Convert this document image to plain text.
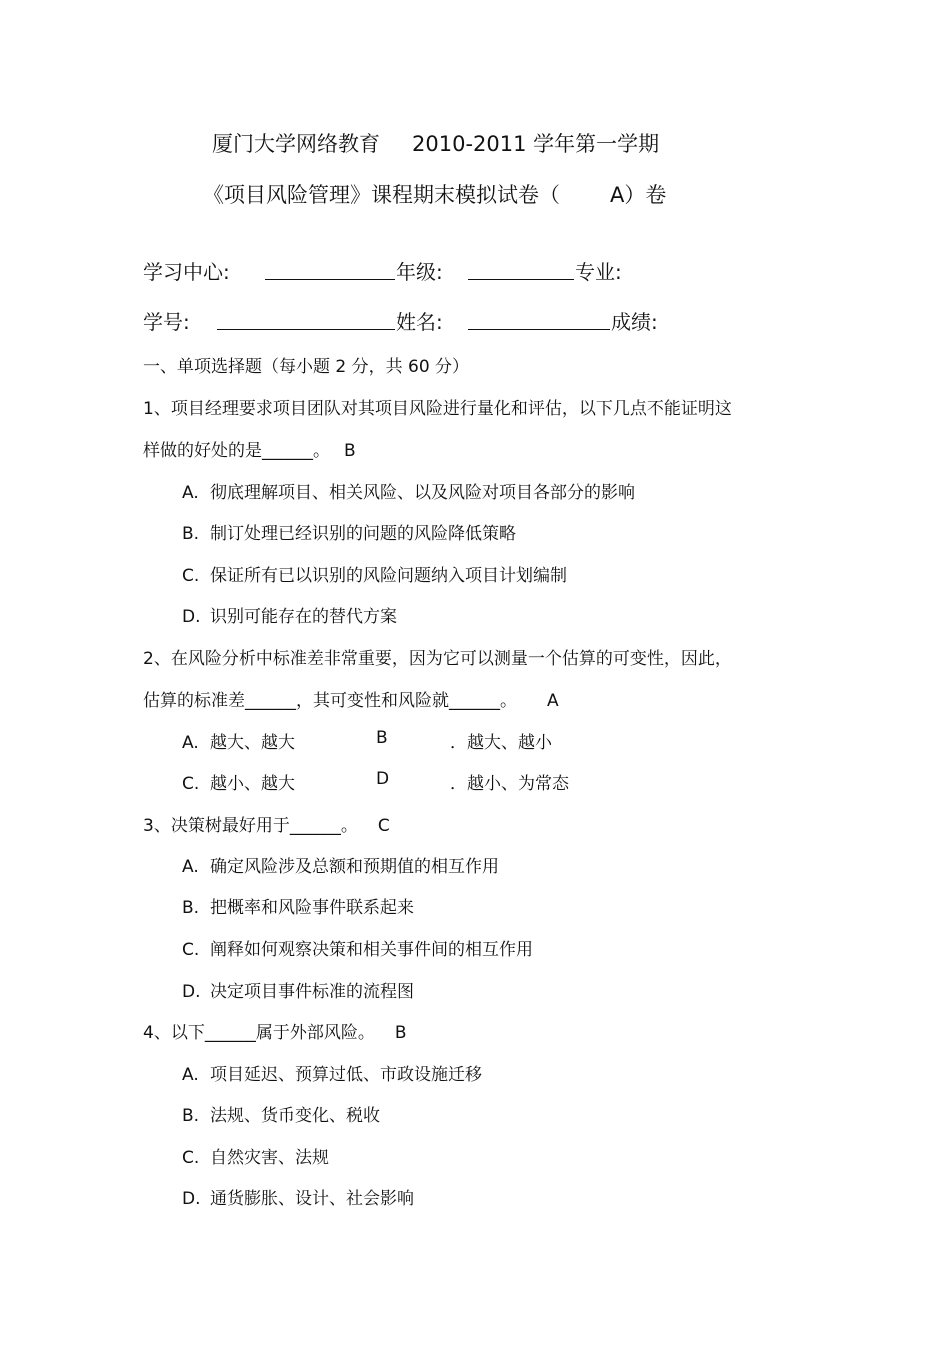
厦门大学网络教育 2010-2011 学年第一学期
《项目风险管理》课程期末模拟试卷（ A）卷
学习中心:	年级:	专业:
学号:	姓名:	成绩:
一、单项选择题（每小题 2 分，共 60 分）
1、项目经理要求项目团队对其项目风险进行量化和评估，以下几点不能证明这
样做的好处的是______。 B
A. 彻底理解项目、相关风险、以及风险对项目各部分的影响
B. 制订处理已经识别的问题的风险降低策略
C. 保证所有已以识别的风险问题纳入项目计划编制
D. 识别可能存在的替代方案
2、在风险分析中标准差非常重要，因为它可以测量一个估算的可变性，因此，
估算的标准差______，其可变性和风险就______。 A
A. 越大、越大	B	．越大、越小
C. 越小、越大	D	．越小、为常态
3、决策树最好用于______。 C
A. 确定风险涉及总额和预期值的相互作用
B. 把概率和风险事件联系起来
C. 阐释如何观察决策和相关事件间的相互作用
D. 决定项目事件标准的流程图
4、以下______属于外部风险。 B
A. 项目延迟、预算过低、市政设施迁移
B. 法规、货币变化、税收
C. 自然灾害、法规
D. 通货膨胀、设计、社会影响
